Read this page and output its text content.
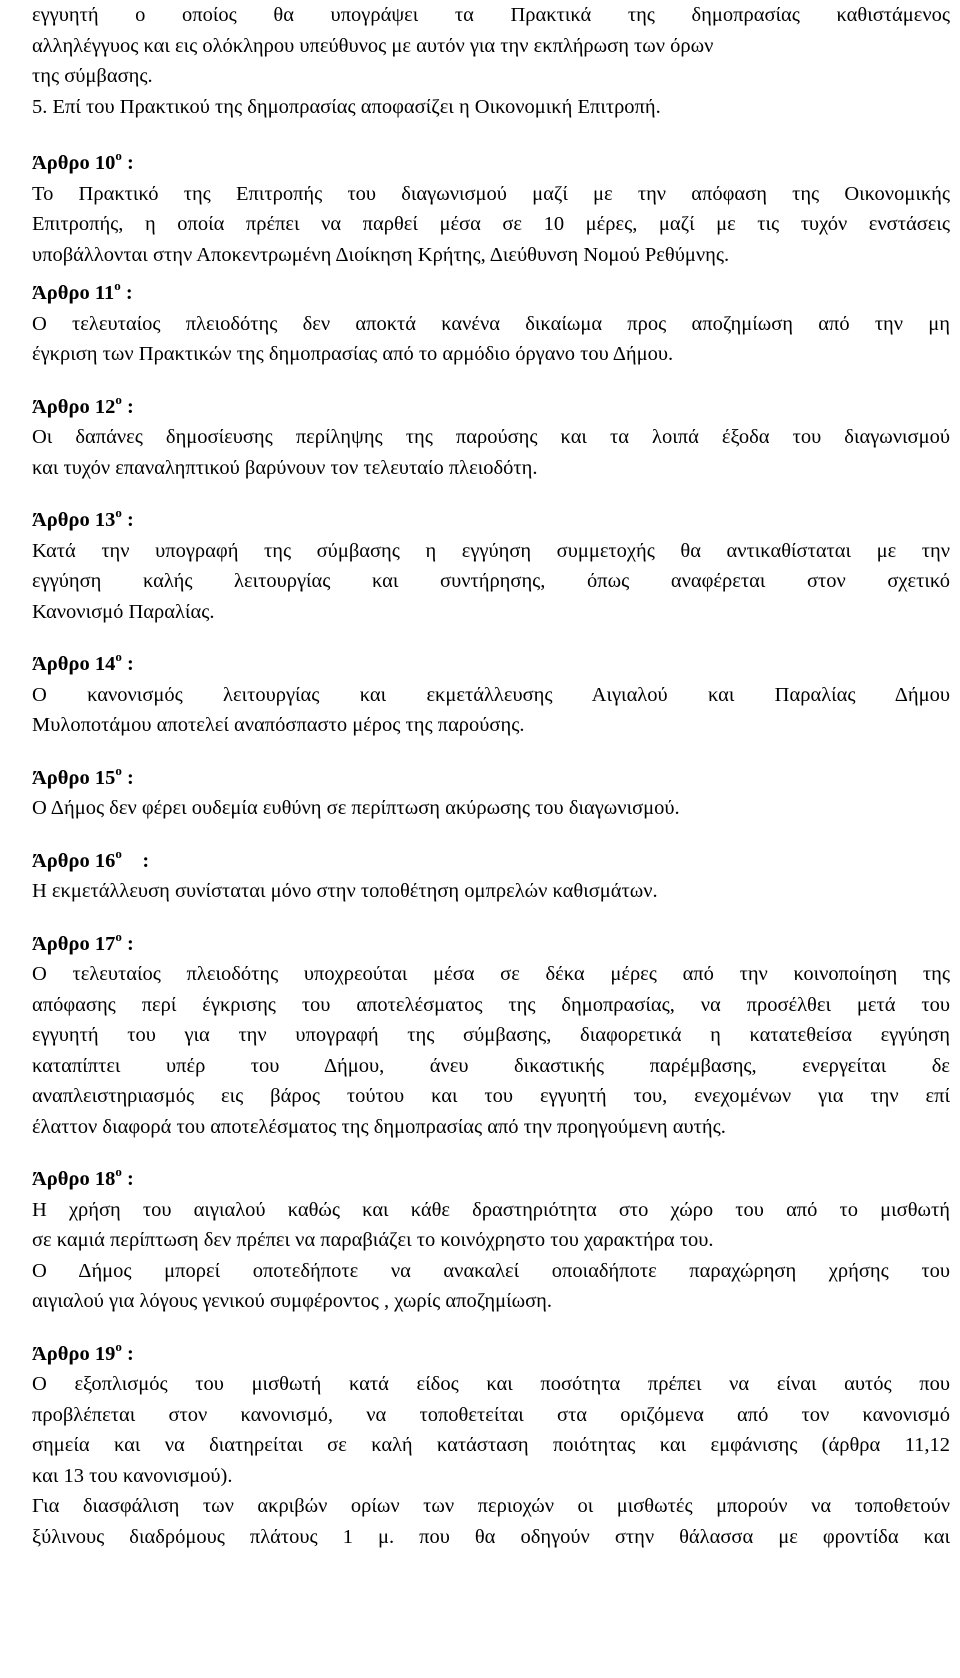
εγγυητή ο οποίος θα υπογράψει τα Πρακτικά της δημοπρασίας καθιστάμενος
αλληλέγγυος και εις ολόκληρου υπεύθυνος με αυτόν για την εκπλήρωση των όρων
της σύμβασης.
5. Επί του Πρακτικού της δημοπρασίας αποφασίζει η Οικονομική Επιτροπή.
Άρθρο $10^o$ :
Το Πρακτικό της Επιτροπής του διαγωνισμού μαζί με την απόφαση της Οικονομικής
Επιτροπής, η οποία πρέπει να παρθεί μέσα σε 10 μέρες, μαζί με τις τυχόν ενστάσεις
υποβάλλονται στην Αποκεντρωμένη Διοίκηση Κρήτης, Διεύθυνση Νομού Ρεθύμνης.
Άρθρο $11^o$ :
Ο τελευταίος πλειοδότης δεν αποκτά κανένα δικαίωμα προς αποζημίωση από την μη
έγκριση των Πρακτικών της δημοπρασίας από το αρμόδιο όργανο του Δήμου.
Άρθρο $12^o$ :
Οι δαπάνες δημοσίευσης περίληψης της παρούσης και τα λοιπά έξοδα του διαγωνισμού
και τυχόν επαναληπτικού βαρύνουν τον τελευταίο πλειοδότη.
Άρθρο $13^o$ :
Κατά την υπογραφή της σύμβασης η εγγύηση συμμετοχής θα αντικαθίσταται με την
εγγύηση καλής λειτουργίας και συντήρησης, όπως αναφέρεται στον σχετικό
Κανονισμό Παραλίας.
Άρθρο $14^o$ :
Ο κανονισμός λειτουργίας και εκμετάλλευσης Αιγιαλού και Παραλίας Δήμου
Μυλοποτάμου αποτελεί αναπόσπαστο μέρος της παρούσης.
Άρθρο $15^o$ :
Ο Δήμος δεν φέρει ουδεμία ευθύνη σε περίπτωση ακύρωσης του διαγωνισμού.
Άρθρο $16^o$ :
Η εκμετάλλευση συνίσταται μόνο στην τοποθέτηση ομπρελών καθισμάτων.
Άρθρο $17^o$ :
Ο τελευταίος πλειοδότης υποχρεούται μέσα σε δέκα μέρες από την κοινοποίηση της
απόφασης περί έγκρισης του αποτελέσματος της δημοπρασίας, να προσέλθει μετά του
εγγυητή του για την υπογραφή της σύμβασης, διαφορετικά η κατατεθείσα εγγύηση
καταπίπτει υπέρ του Δήμου, άνευ δικαστικής παρέμβασης, ενεργείται δε
αναπλειστηριασμός εις βάρος τούτου και του εγγυητή του, ενεχομένων για την επί
έλαττον διαφορά του αποτελέσματος της δημοπρασίας από την προηγούμενη αυτής.
Άρθρο $18^o$ :
Η χρήση του αιγιαλού καθώς και κάθε δραστηριότητα στο χώρο του από το μισθωτή
σε καμιά περίπτωση δεν πρέπει να παραβιάζει το κοινόχρηστο του χαρακτήρα του.
Ο Δήμος μπορεί οποτεδήποτε να ανακαλεί οποιαδήποτε παραχώρηση χρήσης του
αιγιαλού για λόγους γενικού συμφέροντος , χωρίς αποζημίωση.
Άρθρο $19^o$ :
Ο εξοπλισμός του μισθωτή κατά είδος και ποσότητα πρέπει να είναι αυτός που
προβλέπεται στον κανονισμό, να τοποθετείται στα οριζόμενα από τον κανονισμό
σημεία και να διατηρείται σε καλή κατάσταση ποιότητας και εμφάνισης (άρθρα 11,12
και 13 του κανονισμού).
Για διασφάλιση των ακριβών ορίων των περιοχών οι μισθωτές μπορούν να τοποθετούν
ξύλινους διαδρόμους πλάτους 1 μ. που θα οδηγούν στην θάλασσα με φροντίδα και
